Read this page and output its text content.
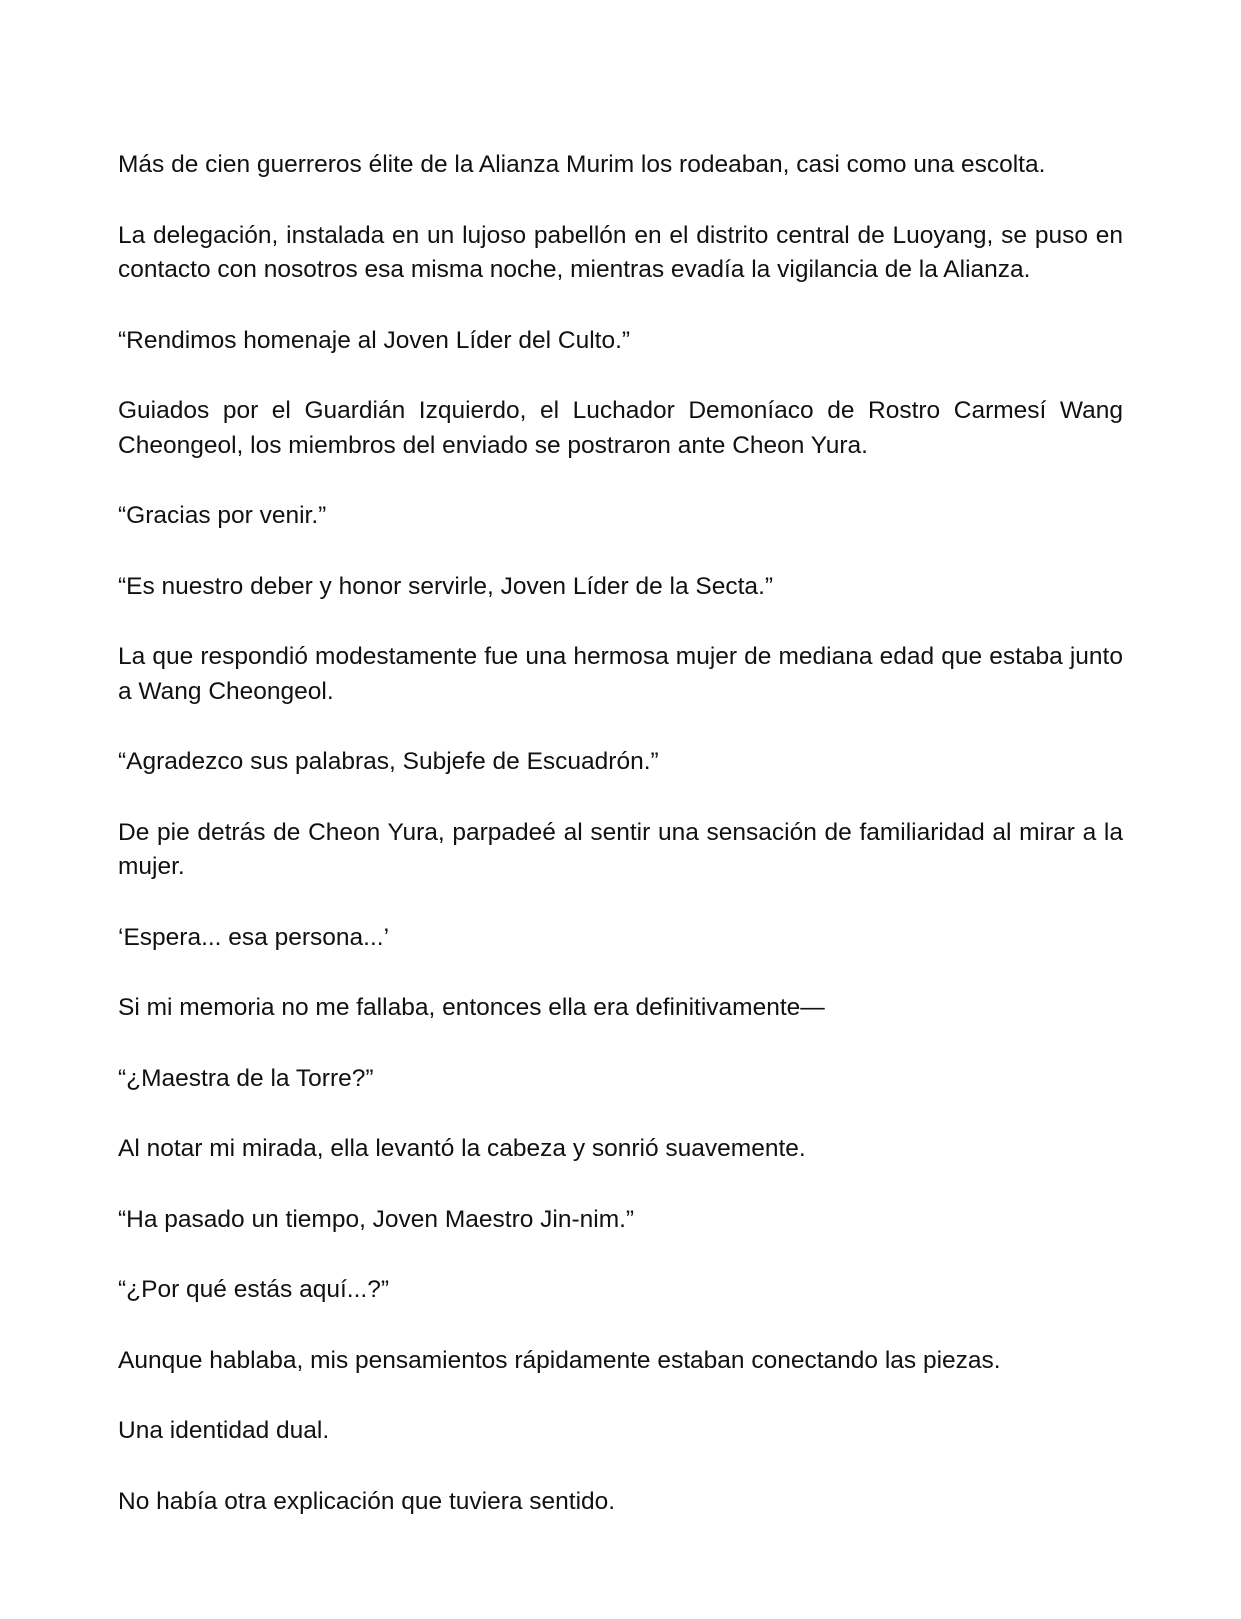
Más de cien guerreros élite de la Alianza Murim los rodeaban, casi como una escolta.

La delegación, instalada en un lujoso pabellón en el distrito central de Luoyang, se puso en contacto con nosotros esa misma noche, mientras evadía la vigilancia de la Alianza.

“Rendimos homenaje al Joven Líder del Culto.”

Guiados por el Guardián Izquierdo, el Luchador Demoníaco de Rostro Carmesí Wang Cheongeol, los miembros del enviado se postraron ante Cheon Yura.

“Gracias por venir.”

“Es nuestro deber y honor servirle, Joven Líder de la Secta.”

La que respondió modestamente fue una hermosa mujer de mediana edad que estaba junto a Wang Cheongeol.

“Agradezco sus palabras, Subjefe de Escuadrón.”

De pie detrás de Cheon Yura, parpadeé al sentir una sensación de familiaridad al mirar a la mujer.

‘Espera... esa persona...’

Si mi memoria no me fallaba, entonces ella era definitivamente—

“¿Maestra de la Torre?”

Al notar mi mirada, ella levantó la cabeza y sonrió suavemente.

“Ha pasado un tiempo, Joven Maestro Jin-nim.”

“¿Por qué estás aquí...?”

Aunque hablaba, mis pensamientos rápidamente estaban conectando las piezas.

Una identidad dual.

No había otra explicación que tuviera sentido.
